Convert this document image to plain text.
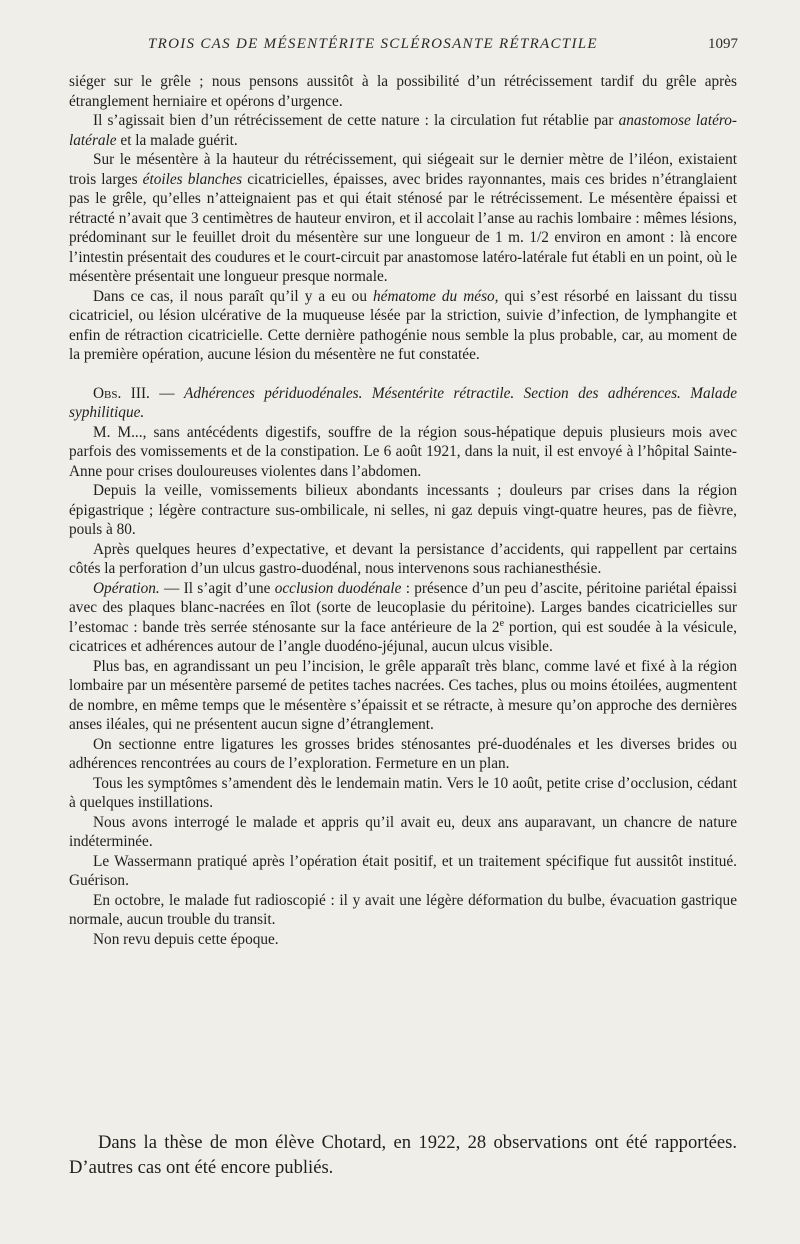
TROIS CAS DE MÉSENTÉRITE SCLÉROSANTE RÉTRACTILE	1097

siéger sur le grêle ; nous pensons aussitôt à la possibilité d’un rétrécissement tardif du grêle après étranglement herniaire et opérons d’urgence.

Il s’agissait bien d’un rétrécissement de cette nature : la circulation fut rétablie par anastomose latéro-latérale et la malade guérit.

Sur le mésentère à la hauteur du rétrécissement, qui siégeait sur le dernier mètre de l’iléon, existaient trois larges étoiles blanches cicatricielles, épaisses, avec brides rayonnantes, mais ces brides n’étranglaient pas le grêle, qu’elles n’atteignaient pas et qui était sténosé par le rétrécissement. Le mésentère épaissi et rétracté n’avait que 3 centimètres de hauteur environ, et il accolait l’anse au rachis lombaire : mêmes lésions, prédominant sur le feuillet droit du mésentère sur une longueur de 1 m. 1/2 environ en amont : là encore l’intestin présentait des coudures et le court-circuit par anastomose latéro-latérale fut établi en un point, où le mésentère présentait une longueur presque normale.

Dans ce cas, il nous paraît qu’il y a eu ou hématome du méso, qui s’est résorbé en laissant du tissu cicatriciel, ou lésion ulcérative de la muqueuse lésée par la striction, suivie d’infection, de lymphangite et enfin de rétraction cicatricielle. Cette dernière pathogénie nous semble la plus probable, car, au moment de la première opération, aucune lésion du mésentère ne fut constatée.

Obs. III. — Adhérences périduodénales. Mésentérite rétractile. Section des adhérences. Malade syphilitique.

M. M..., sans antécédents digestifs, souffre de la région sous-hépatique depuis plusieurs mois avec parfois des vomissements et de la constipation. Le 6 août 1921, dans la nuit, il est envoyé à l’hôpital Sainte-Anne pour crises douloureuses violentes dans l’abdomen.

Depuis la veille, vomissements bilieux abondants incessants ; douleurs par crises dans la région épigastrique ; légère contracture sus-ombilicale, ni selles, ni gaz depuis vingt-quatre heures, pas de fièvre, pouls à 80.

Après quelques heures d’expectative, et devant la persistance d’accidents, qui rappellent par certains côtés la perforation d’un ulcus gastro-duodénal, nous intervenons sous rachianesthésie.

Opération. — Il s’agit d’une occlusion duodénale : présence d’un peu d’ascite, péritoine pariétal épaissi avec des plaques blanc-nacrées en îlot (sorte de leucoplasie du péritoine). Larges bandes cicatricielles sur l’estomac : bande très serrée sténosante sur la face antérieure de la 2e portion, qui est soudée à la vésicule, cicatrices et adhérences autour de l’angle duodéno-jéjunal, aucun ulcus visible.

Plus bas, en agrandissant un peu l’incision, le grêle apparaît très blanc, comme lavé et fixé à la région lombaire par un mésentère parsemé de petites taches nacrées. Ces taches, plus ou moins étoilées, augmentent de nombre, en même temps que le mésentère s’épaissit et se rétracte, à mesure qu’on approche des dernières anses iléales, qui ne présentent aucun signe d’étranglement.

On sectionne entre ligatures les grosses brides sténosantes pré-duodénales et les diverses brides ou adhérences rencontrées au cours de l’exploration. Fermeture en un plan.

Tous les symptômes s’amendent dès le lendemain matin. Vers le 10 août, petite crise d’occlusion, cédant à quelques instillations.

Nous avons interrogé le malade et appris qu’il avait eu, deux ans auparavant, un chancre de nature indéterminée.

Le Wassermann pratiqué après l’opération était positif, et un traitement spécifique fut aussitôt institué. Guérison.

En octobre, le malade fut radioscopié : il y avait une légère déformation du bulbe, évacuation gastrique normale, aucun trouble du transit.

Non revu depuis cette époque.

Dans la thèse de mon élève Chotard, en 1922, 28 observations ont été rapportées. D’autres cas ont été encore publiés.
